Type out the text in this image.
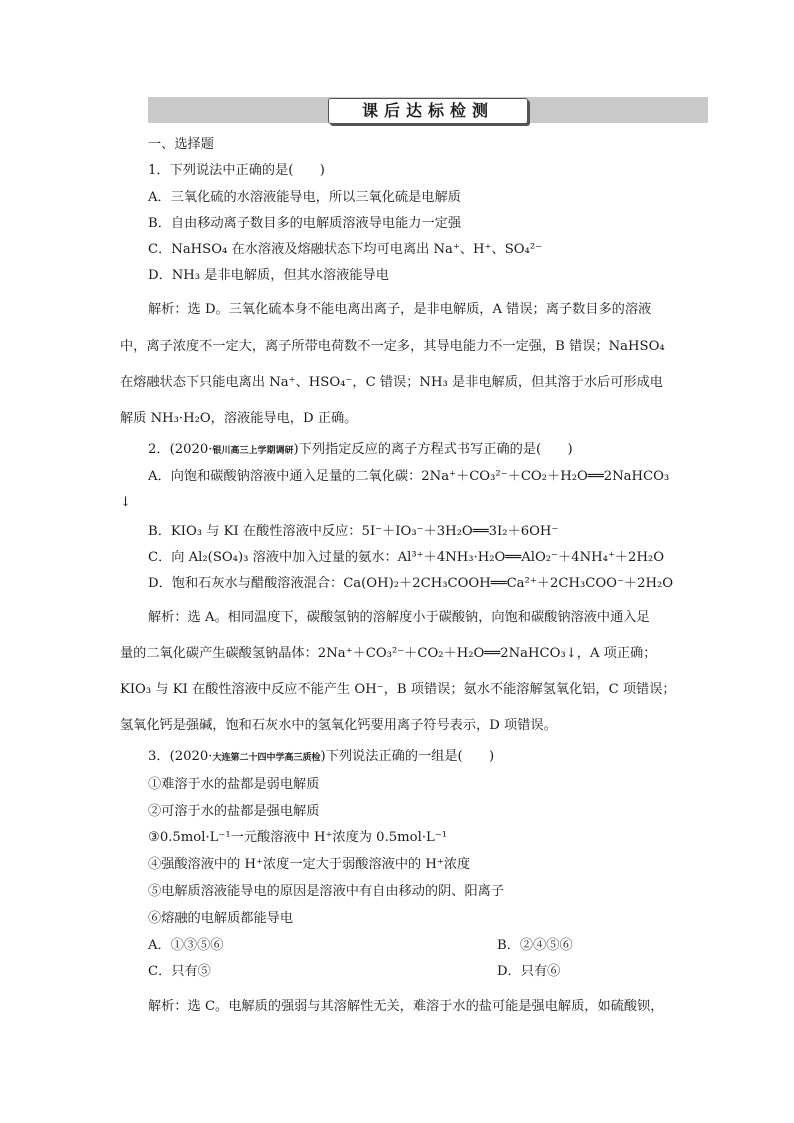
课后达标检测
一、选择题
1．下列说法中正确的是(　　)
A．三氧化硫的水溶液能导电，所以三氧化硫是电解质
B．自由移动离子数目多的电解质溶液导电能力一定强
C．NaHSO₄ 在水溶液及熔融状态下均可电离出 Na⁺、H⁺、SO₄²⁻
D．NH₃ 是非电解质，但其水溶液能导电
解析：选 D。三氧化硫本身不能电离出离子，是非电解质，A 错误；离子数目多的溶液
中，离子浓度不一定大，离子所带电荷数不一定多，其导电能力不一定强，B 错误；NaHSO₄
在熔融状态下只能电离出 Na⁺、HSO₄⁻，C 错误；NH₃ 是非电解质，但其溶于水后可形成电
解质 NH₃·H₂O，溶液能导电，D 正确。
2．(2020·银川高三上学期调研)下列指定反应的离子方程式书写正确的是(　　)
A．向饱和碳酸钠溶液中通入足量的二氧化碳：2Na⁺＋CO₃²⁻＋CO₂＋H₂O══2NaHCO₃
↓
B．KIO₃ 与 KI 在酸性溶液中反应：5I⁻＋IO₃⁻＋3H₂O══3I₂＋6OH⁻
C．向 Al₂(SO₄)₃ 溶液中加入过量的氨水：Al³⁺＋4NH₃·H₂O══AlO₂⁻＋4NH₄⁺＋2H₂O
D．饱和石灰水与醋酸溶液混合：Ca(OH)₂＋2CH₃COOH══Ca²⁺＋2CH₃COO⁻＋2H₂O
解析：选 A。相同温度下，碳酸氢钠的溶解度小于碳酸钠，向饱和碳酸钠溶液中通入足
量的二氧化碳产生碳酸氢钠晶体：2Na⁺＋CO₃²⁻＋CO₂＋H₂O══2NaHCO₃↓，A 项正确；
KIO₃ 与 KI 在酸性溶液中反应不能产生 OH⁻，B 项错误；氨水不能溶解氢氧化铝，C 项错误；
氢氧化钙是强碱，饱和石灰水中的氢氧化钙要用离子符号表示，D 项错误。
3．(2020·大连第二十四中学高三质检)下列说法正确的一组是(　　)
①难溶于水的盐都是弱电解质
②可溶于水的盐都是强电解质
③0.5mol·L⁻¹一元酸溶液中 H⁺浓度为 0.5mol·L⁻¹
④强酸溶液中的 H⁺浓度一定大于弱酸溶液中的 H⁺浓度
⑤电解质溶液能导电的原因是溶液中有自由移动的阴、阳离子
⑥熔融的电解质都能导电
A．①③⑤⑥	B．②④⑤⑥
C．只有⑤	D．只有⑥
解析：选 C。电解质的强弱与其溶解性无关，难溶于水的盐可能是强电解质，如硫酸钡，
